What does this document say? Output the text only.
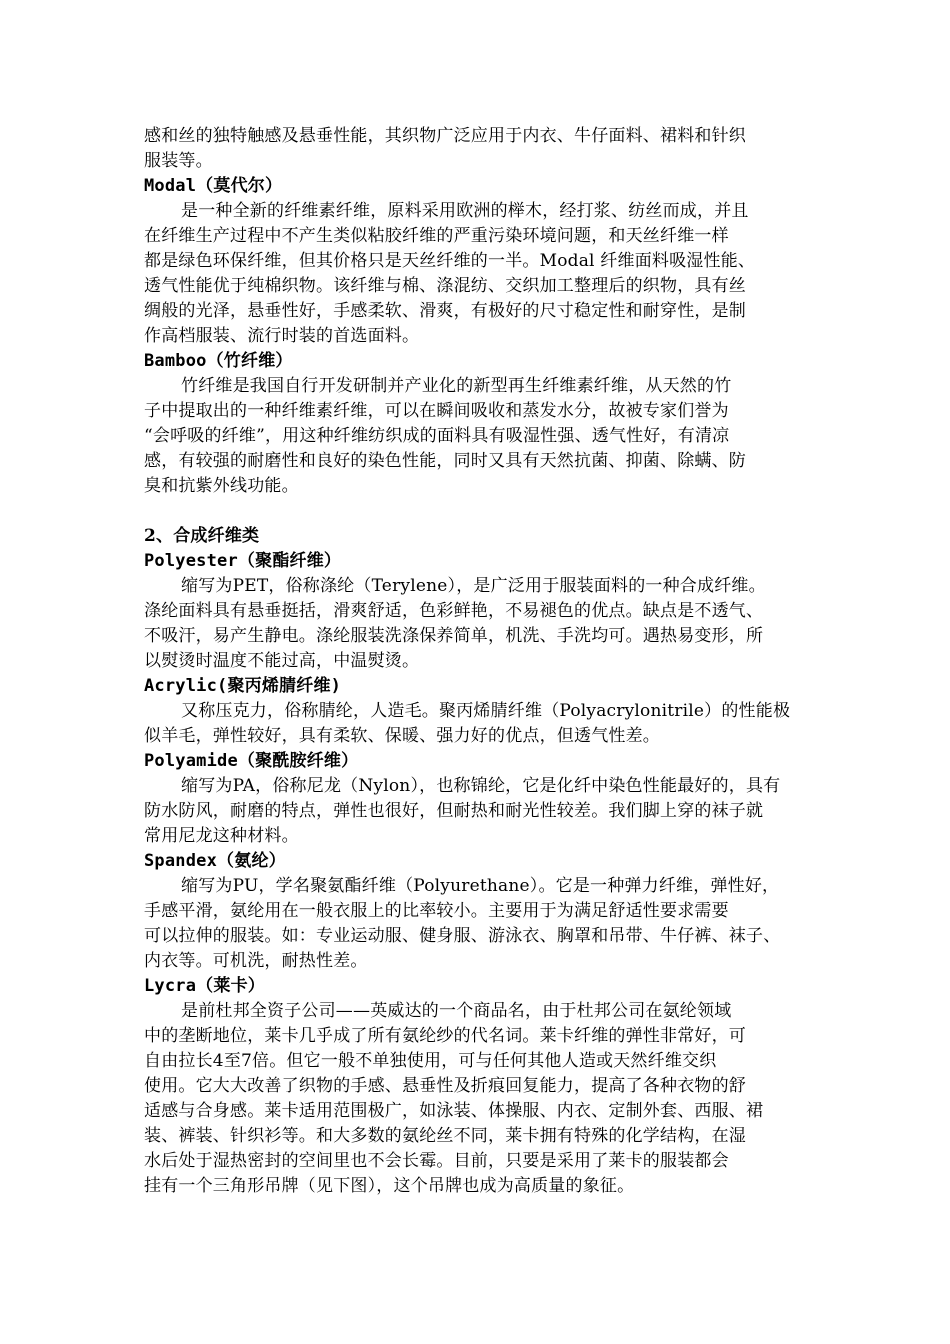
感和丝的独特触感及悬垂性能，其织物广泛应用于内衣、牛仔面料、裙料和针织
服装等。
Modal（莫代尔）
是一种全新的纤维素纤维，原料采用欧洲的榉木，经打浆、纺丝而成，并且
在纤维生产过程中不产生类似粘胶纤维的严重污染环境问题，和天丝纤维一样
都是绿色环保纤维，但其价格只是天丝纤维的一半。Modal 纤维面料吸湿性能、
透气性能优于纯棉织物。该纤维与棉、涤混纺、交织加工整理后的织物，具有丝
绸般的光泽，悬垂性好，手感柔软、滑爽，有极好的尺寸稳定性和耐穿性，是制
作高档服装、流行时装的首选面料。
Bamboo（竹纤维）
竹纤维是我国自行开发研制并产业化的新型再生纤维素纤维，从天然的竹
子中提取出的一种纤维素纤维，可以在瞬间吸收和蒸发水分，故被专家们誉为
“会呼吸的纤维”，用这种纤维纺织成的面料具有吸湿性强、透气性好，有清凉
感，有较强的耐磨性和良好的染色性能，同时又具有天然抗菌、抑菌、除螨、防
臭和抗紫外线功能。
2、合成纤维类
Polyester（聚酯纤维）
缩写为PET，俗称涤纶（Terylene），是广泛用于服装面料的一种合成纤维。
涤纶面料具有悬垂挺括，滑爽舒适，色彩鲜艳，不易褪色的优点。缺点是不透气、
不吸汗，易产生静电。涤纶服装洗涤保养简单，机洗、手洗均可。遇热易变形，所
以熨烫时温度不能过高，中温熨烫。
Acrylic(聚丙烯腈纤维)
又称压克力，俗称腈纶，人造毛。聚丙烯腈纤维（Polyacrylonitrile）的性能极
似羊毛，弹性较好，具有柔软、保暖、强力好的优点，但透气性差。
Polyamide（聚酰胺纤维）
缩写为PA，俗称尼龙（Nylon），也称锦纶，它是化纤中染色性能最好的，具有
防水防风，耐磨的特点，弹性也很好，但耐热和耐光性较差。我们脚上穿的袜子就
常用尼龙这种材料。
Spandex（氨纶）
缩写为PU，学名聚氨酯纤维（Polyurethane）。它是一种弹力纤维，弹性好，
手感平滑，氨纶用在一般衣服上的比率较小。主要用于为满足舒适性要求需要
可以拉伸的服装。如：专业运动服、健身服、游泳衣、胸罩和吊带、牛仔裤、袜子、
内衣等。可机洗，耐热性差。
Lycra（莱卡）
是前杜邦全资子公司——英威达的一个商品名，由于杜邦公司在氨纶领域
中的垄断地位，莱卡几乎成了所有氨纶纱的代名词。莱卡纤维的弹性非常好，可
自由拉长4至7倍。但它一般不单独使用，可与任何其他人造或天然纤维交织
使用。它大大改善了织物的手感、悬垂性及折痕回复能力，提高了各种衣物的舒
适感与合身感。莱卡适用范围极广，如泳装、体操服、内衣、定制外套、西服、裙
装、裤装、针织衫等。和大多数的氨纶丝不同，莱卡拥有特殊的化学结构，在湿
水后处于湿热密封的空间里也不会长霉。目前，只要是采用了莱卡的服装都会
挂有一个三角形吊牌（见下图），这个吊牌也成为高质量的象征。
